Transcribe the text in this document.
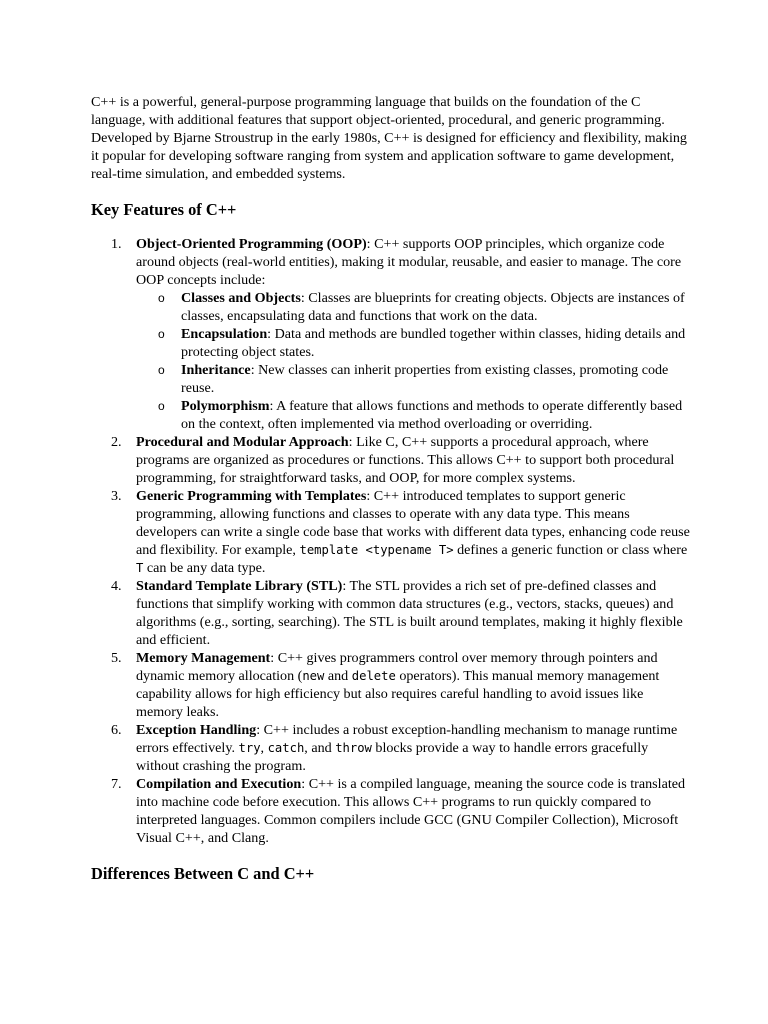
C++ is a powerful, general-purpose programming language that builds on the foundation of the C language, with additional features that support object-oriented, procedural, and generic programming. Developed by Bjarne Stroustrup in the early 1980s, C++ is designed for efficiency and flexibility, making it popular for developing software ranging from system and application software to game development, real-time simulation, and embedded systems.

Key Features of C++
Object-Oriented Programming (OOP): C++ supports OOP principles, which organize code around objects (real-world entities), making it modular, reusable, and easier to manage. The core OOP concepts include:
o Classes and Objects: Classes are blueprints for creating objects. Objects are instances of classes, encapsulating data and functions that work on the data.
o Encapsulation: Data and methods are bundled together within classes, hiding details and protecting object states.
o Inheritance: New classes can inherit properties from existing classes, promoting code reuse.
o Polymorphism: A feature that allows functions and methods to operate differently based on the context, often implemented via method overloading or overriding.
Procedural and Modular Approach: Like C, C++ supports a procedural approach, where programs are organized as procedures or functions. This allows C++ to support both procedural programming, for straightforward tasks, and OOP, for more complex systems.
Generic Programming with Templates: C++ introduced templates to support generic programming, allowing functions and classes to operate with any data type. This means developers can write a single code base that works with different data types, enhancing code reuse and flexibility. For example, template <typename T> defines a generic function or class where T can be any data type.
Standard Template Library (STL): The STL provides a rich set of pre-defined classes and functions that simplify working with common data structures (e.g., vectors, stacks, queues) and algorithms (e.g., sorting, searching). The STL is built around templates, making it highly flexible and efficient.
Memory Management: C++ gives programmers control over memory through pointers and dynamic memory allocation (new and delete operators). This manual memory management capability allows for high efficiency but also requires careful handling to avoid issues like memory leaks.
Exception Handling: C++ includes a robust exception-handling mechanism to manage runtime errors effectively. try, catch, and throw blocks provide a way to handle errors gracefully without crashing the program.
Compilation and Execution: C++ is a compiled language, meaning the source code is translated into machine code before execution. This allows C++ programs to run quickly compared to interpreted languages. Common compilers include GCC (GNU Compiler Collection), Microsoft Visual C++, and Clang.
Differences Between C and C++
